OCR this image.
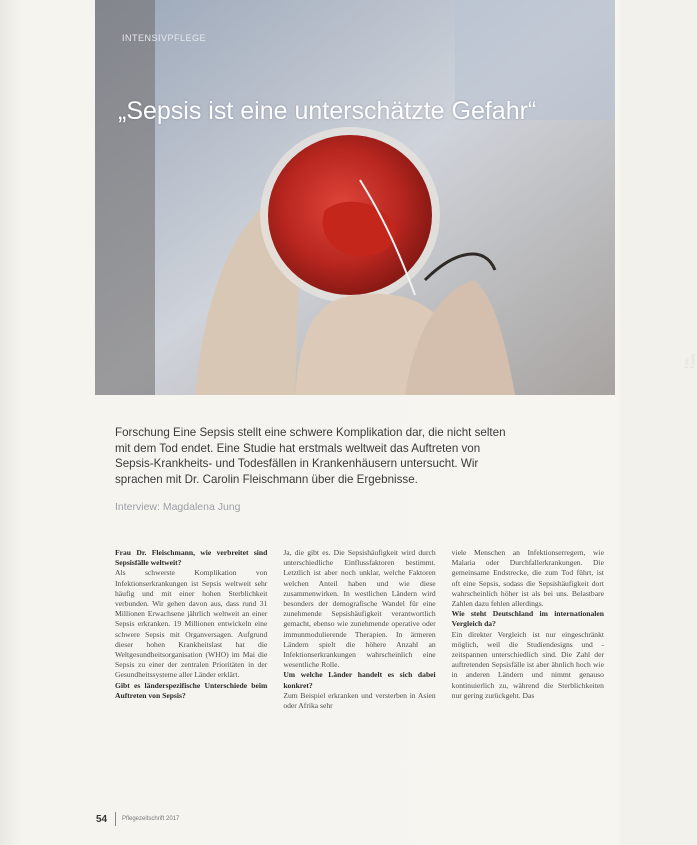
Foto: Fotolia
INTENSIVPFLEGE
„Sepsis ist eine unterschätzte Gefahr“

Forschung Eine Sepsis stellt eine schwere Komplikation dar, die nicht selten mit dem Tod endet. Eine Studie hat erstmals weltweit das Auftreten von Sepsis-Krankheits- und Todesfällen in Krankenhäusern untersucht. Wir sprachen mit Dr. Carolin Fleischmann über die Ergebnisse.

Interview: Magdalena Jung

Frau Dr. Fleischmann, wie verbreitet sind Sepsisfälle weltweit?

Als schwerste Komplikation von Infektionserkrankungen ist Sepsis weltweit sehr häufig und mit einer hohen Sterblichkeit verbunden. Wir gehen davon aus, dass rund 31 Millionen Erwachsene jährlich weltweit an einer Sepsis erkranken. 19 Millionen entwickeln eine schwere Sepsis mit Organversagen. Aufgrund dieser hohen Krankheitslast hat die Weltgesundheitsorganisation (WHO) im Mai die Sepsis zu einer der zentralen Prioritäten in der Gesundheitssysteme aller Länder erklärt.

Gibt es länderspezifische Unterschiede beim Auftreten von Sepsis?

Ja, die gibt es. Die Sepsishäufigkeit wird durch unterschiedliche Einflussfaktoren bestimmt. Letztlich ist aber noch unklar, welche Faktoren welchen Anteil haben und wie diese zusammenwirken. In westlichen Ländern wird besonders der demografische Wandel für eine zunehmende Sepsishäufigkeit verantwortlich gemacht, ebenso wie zunehmende operative oder immunmodulierende Therapien. In ärmeren Ländern spielt die höhere Anzahl an Infektionserkrankungen wahrscheinlich eine wesentliche Rolle.

Um welche Länder handelt es sich dabei konkret?

Zum Beispiel erkranken und versterben in Asien oder Afrika sehr

viele Menschen an Infektionserregern, wie Malaria oder Durchfallerkrankungen. Die gemeinsame Endstrecke, die zum Tod führt, ist oft eine Sepsis, sodass die Sepsishäufigkeit dort wahrscheinlich höher ist als bei uns. Belastbare Zahlen dazu fehlen allerdings.

Wie steht Deutschland im internationalen Vergleich da?

Ein direkter Vergleich ist nur eingeschränkt möglich, weil die Studiendesigns und -zeitspannen unterschiedlich sind. Die Zahl der auftretenden Sepsisfälle ist aber ähnlich hoch wie in anderen Ländern und nimmt genauso kontinuierlich zu, während die Sterblichkeiten nur gering zurückgeht. Das

54 Pflegezeitschrift 2017
